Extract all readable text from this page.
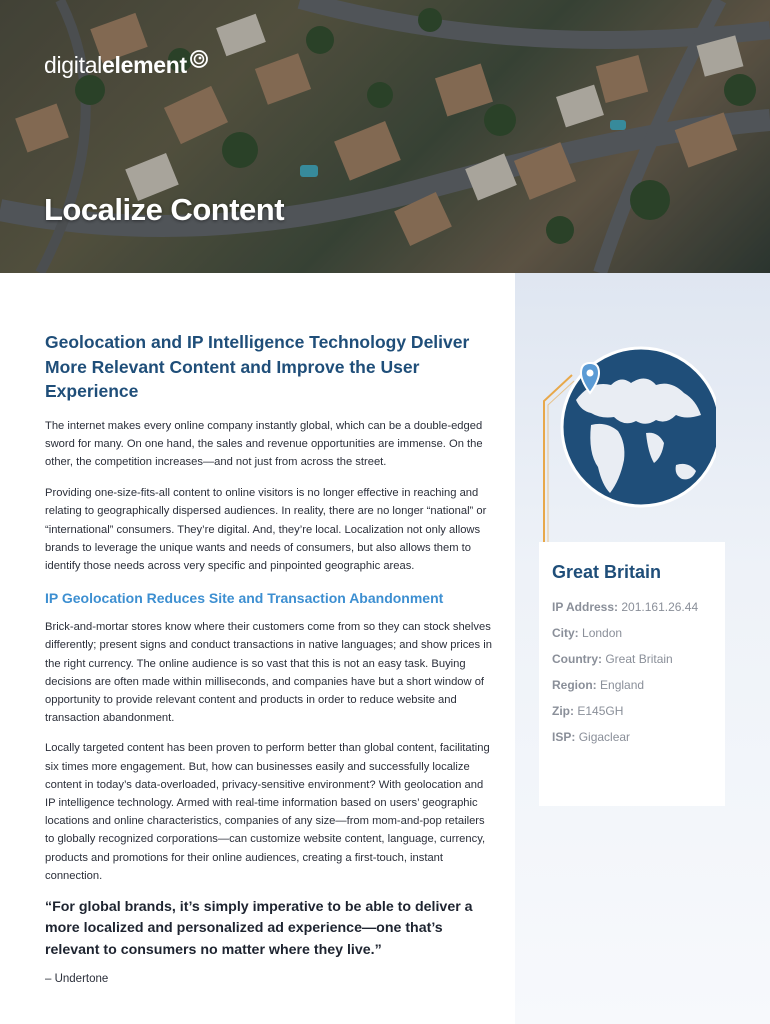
digital element
Localize Content
Great Britain
IP Address: 201.161.26.44
City: London
Country: Great Britain
Region: England
Zip: E145GH
ISP: Gigaclear
Geolocation and IP Intelligence Technology Deliver More Relevant Content and Improve the User Experience

The internet makes every online company instantly global, which can be a double-edged sword for many. On one hand, the sales and revenue opportunities are immense. On the other, the competition increases—and not just from across the street.

Providing one-size-fits-all content to online visitors is no longer effective in reaching and relating to geographically dispersed audiences. In reality, there are no longer “national” or “international” consumers. They’re digital. And, they’re local. Localization not only allows brands to leverage the unique wants and needs of consumers, but also allows them to identify those needs across very specific and pinpointed geographic areas.

IP Geolocation Reduces Site and Transaction Abandonment

Brick-and-mortar stores know where their customers come from so they can stock shelves differently; present signs and conduct transactions in native languages; and show prices in the right currency. The online audience is so vast that this is not an easy task. Buying decisions are often made within milliseconds, and companies have but a short window of opportunity to provide relevant content and products in order to reduce website and transaction abandonment.

Locally targeted content has been proven to perform better than global content, facilitating six times more engagement. But, how can businesses easily and successfully localize content in today’s data-overloaded, privacy-sensitive environment? With geolocation and IP intelligence technology. Armed with real-time information based on users’ geographic locations and online characteristics, companies of any size—from mom-and-pop retailers to globally recognized corporations—can customize website content, language, currency, products and promotions for their online audiences, creating a first-touch, instant connection.

“For global brands, it’s simply imperative to be able to deliver a more localized and personalized ad experience—one that’s relevant to consumers no matter where they live.”

– Undertone
